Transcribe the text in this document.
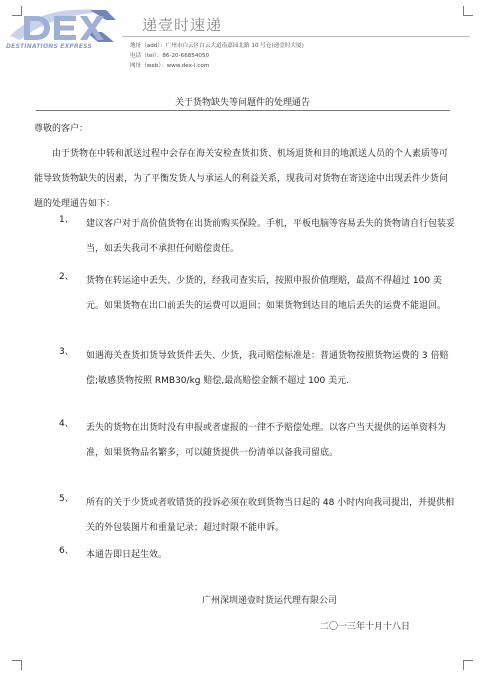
DESTINATIONS EXPRESS
递壹时速递
地址（add）：广州市白云区白云大道南嘉园北路 10 号仓(递壹时大厦)
电话（tel）：86-20-66854050
网址（web）：www.dex-i.com
关于货物缺失等问题件的处理通告
尊敬的客户：
由于货物在中转和派送过程中会存在海关安检查货扣货、机场退货和目的地派送人员的个人素质等可能导致货物缺失的因素，为了平衡发货人与承运人的利益关系，现我司对货物在寄送途中出现丢件少货问题的处理通告如下：
1、 建议客户对于高价值货物在出货前购买保险。手机，平板电脑等容易丢失的货物请自行包装妥当，如丢失我司不承担任何赔偿责任。
2、 货物在转运途中丢失、少货的，经我司查实后，按照申报价值理赔，最高不得超过 100 美元。如果货物在出口前丢失的运费可以退回；如果货物到达目的地后丢失的运费不能退回。
3、 如遇海关查货扣货导致货件丢失、少货，我司赔偿标准是：普通货物按照货物运费的 3 倍赔偿;敏感货物按照 RMB30/kg 赔偿,最高赔偿金额不超过 100 美元.
4、 丢失的货物在出货时没有申报或者虚报的一律不予赔偿处理。以客户当天提供的运单资料为准，如果货物品名繁多，可以随货提供一份清单以备我司留底。
5、 所有的关于少货或者收错货的投诉必须在收到货物当日起的 48 小时内向我司提出，并提供相关的外包装图片和重量记录；超过时限不能申诉。
6、 本通告即日起生效。
广州深圳递壹时货运代理有限公司
二〇一三年十月十八日
